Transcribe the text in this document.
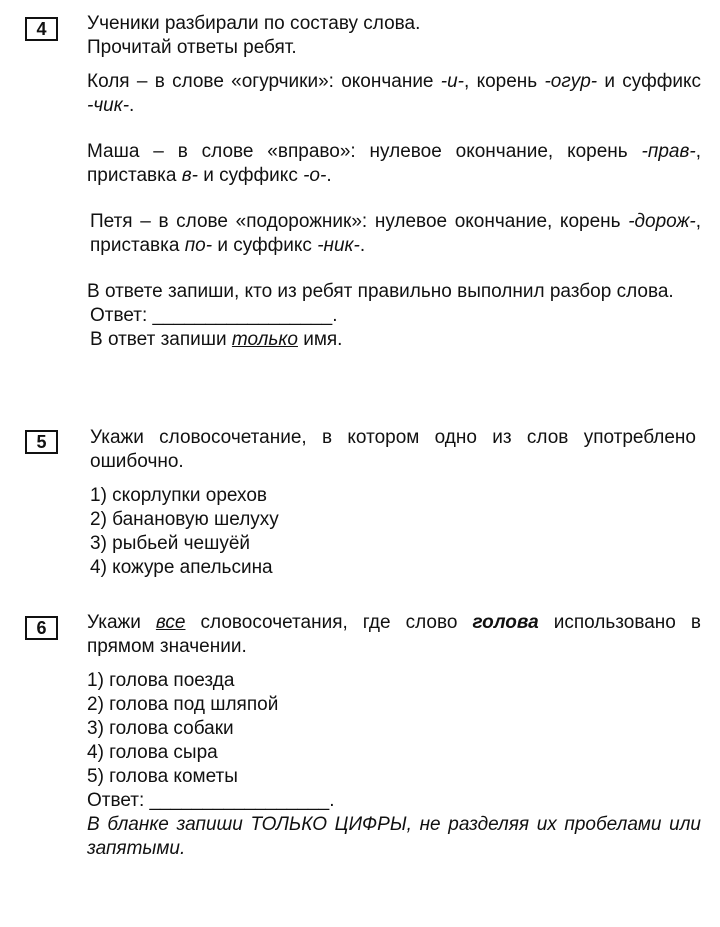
4	Ученики разбирали по составу слова.

Прочитай ответы ребят.

Коля – в слове «огурчики»: окончание -и-, корень -огур- и суффикс -чик-.

Маша – в слове «вправо»: нулевое окончание, корень -прав-, приставка в- и суффикс -о-.

Петя – в слове «подорожник»: нулевое окончание, корень -дорож-, приставка по- и суффикс -ник-.

В ответе запиши, кто из ребят правильно выполнил разбор слова.

Ответ: _________________.

В ответ запиши только имя.

5	Укажи словосочетание, в котором одно из слов употреблено ошибочно.

1) скорлупки орехов

2) банановую шелуху

3) рыбьей чешуёй

4) кожуре апельсина

6	Укажи все словосочетания, где слово голова использовано в прямом значении.

1) голова поезда

2) голова под шляпой

3) голова собаки

4) голова сыра

5) голова кометы

Ответ: _________________.

В бланке запиши ТОЛЬКО ЦИФРЫ, не разделяя их пробелами или запятыми.
